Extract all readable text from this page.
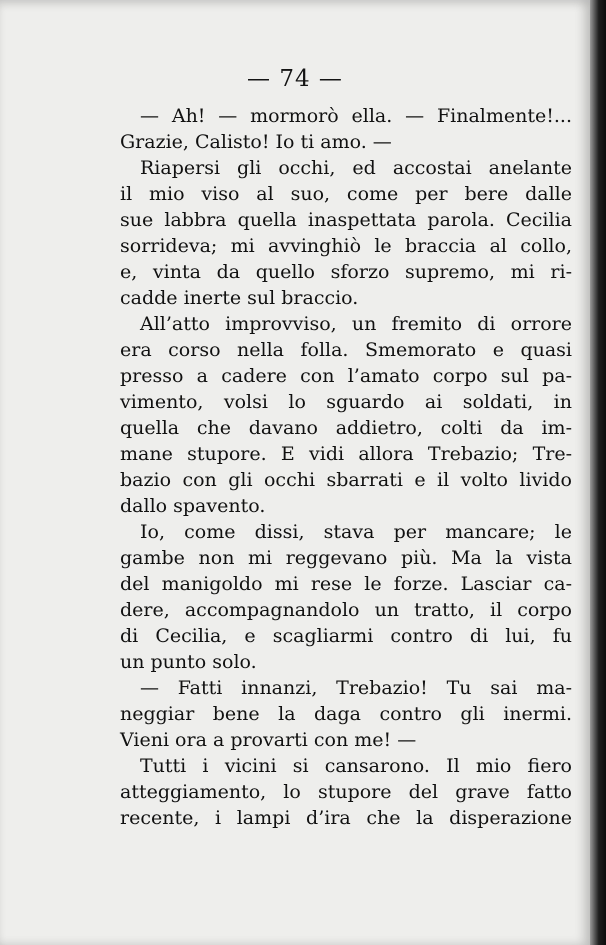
— 74 —
— Ah! — mormorò ella. — Finalmente!...
Grazie, Calisto! Io ti amo. —
Riapersi gli occhi, ed accostai anelante
il mio viso al suo, come per bere dalle
sue labbra quella inaspettata parola. Cecilia
sorrideva; mi avvinghiò le braccia al collo,
e, vinta da quello sforzo supremo, mi ri-
cadde inerte sul braccio.
All’atto improvviso, un fremito di orrore
era corso nella folla. Smemorato e quasi
presso a cadere con l’amato corpo sul pa-
vimento, volsi lo sguardo ai soldati, in
quella che davano addietro, colti da im-
mane stupore. E vidi allora Trebazio; Tre-
bazio con gli occhi sbarrati e il volto livido
dallo spavento.
Io, come dissi, stava per mancare; le
gambe non mi reggevano più. Ma la vista
del manigoldo mi rese le forze. Lasciar ca-
dere, accompagnandolo un tratto, il corpo
di Cecilia, e scagliarmi contro di lui, fu
un punto solo.
— Fatti innanzi, Trebazio! Tu sai ma-
neggiar bene la daga contro gli inermi.
Vieni ora a provarti con me! —
Tutti i vicini si cansarono. Il mio fiero
atteggiamento, lo stupore del grave fatto
recente, i lampi d’ira che la disperazione
